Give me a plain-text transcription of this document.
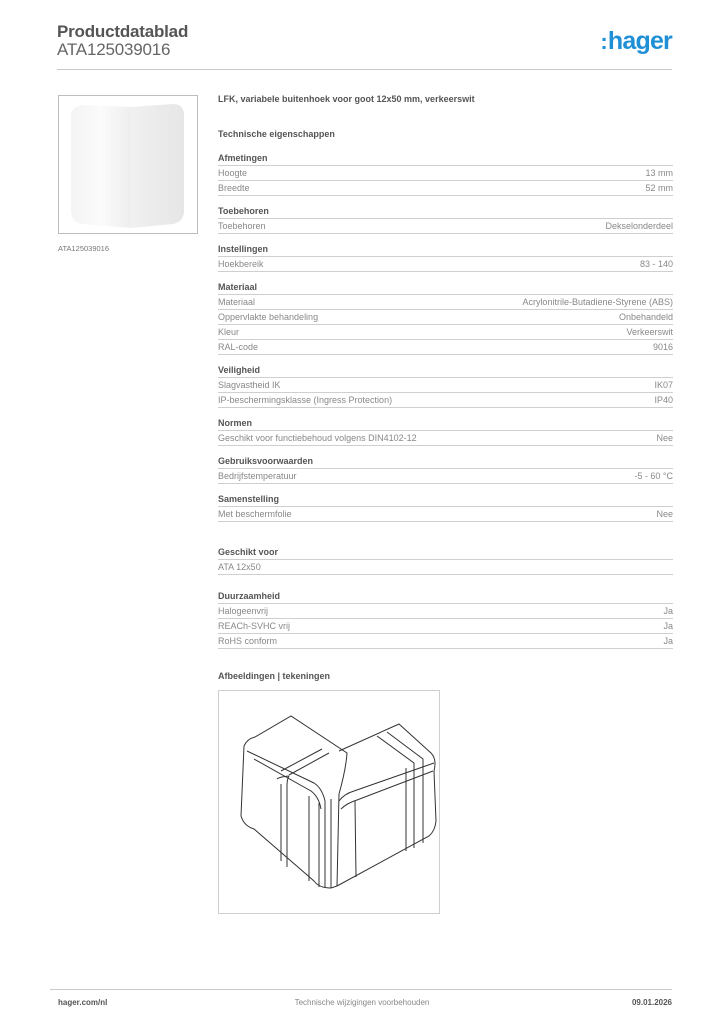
Productdatablad
ATA125039016	:hager
ATA125039016
LFK, variabele buitenhoek voor goot 12x50 mm, verkeerswit
Technische eigenschappen
Afmetingen
Hoogte	13 mm
Breedte	52 mm
Toebehoren
Toebehoren	Dekselonderdeel
Instellingen
Hoekbereik	83 - 140
Materiaal
Materiaal	Acrylonitrile-Butadiene-Styrene (ABS)
Oppervlakte behandeling	Onbehandeld
Kleur	Verkeerswit
RAL-code	9016
Veiligheid
Slagvastheid IK	IK07
IP-beschermingsklasse (Ingress Protection)	IP40
Normen
Geschikt voor functiebehoud volgens DIN4102-12	Nee
Gebruiksvoorwaarden
Bedrijfstemperatuur	-5 - 60 °C
Samenstelling
Met beschermfolie	Nee
Geschikt voor
ATA 12x50
Duurzaamheid
Halogeenvrij	Ja
REACh-SVHC vrij	Ja
RoHS conform	Ja
Afbeeldingen | tekeningen
hager.com/nl	Technische wijzigingen voorbehouden	09.01.2026
